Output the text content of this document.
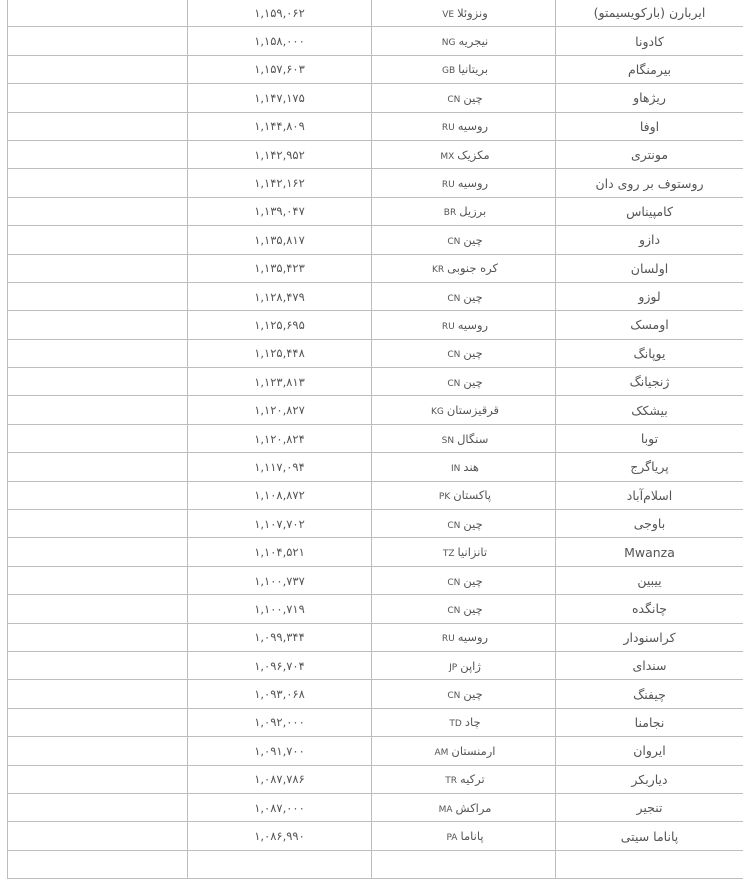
ایربارن (بارکویسیمتو)	ونزوئلاVE	۱,۱۵۹,۰۶۲	
کادونا	نیجریهNG	۱,۱۵۸,۰۰۰	
بیرمنگام	بریتانیاGB	۱,۱۵۷,۶۰۳	
ریژهاو	چینCN	۱,۱۴۷,۱۷۵	
اوفا	روسیهRU	۱,۱۴۴,۸۰۹	
مونتری	مکزیکMX	۱,۱۴۲,۹۵۲	
روستوف بر روی دان	روسیهRU	۱,۱۴۲,۱۶۲	
کامپیناس	برزیلBR	۱,۱۳۹,۰۴۷	
دازو	چینCN	۱,۱۳۵,۸۱۷	
اولسان	کره جنوبیKR	۱,۱۳۵,۴۲۳	
لوزو	چینCN	۱,۱۲۸,۴۷۹	
اومسک	روسیهRU	۱,۱۲۵,۶۹۵	
یوپانگ	چینCN	۱,۱۲۵,۴۴۸	
ژنجیانگ	چینCN	۱,۱۲۳,۸۱۳	
بیشکک	قرقیزستانKG	۱,۱۲۰,۸۲۷	
توبا	سنگالSN	۱,۱۲۰,۸۲۴	
پریاگرج	هندIN	۱,۱۱۷,۰۹۴	
اسلام‌آباد	پاکستانPK	۱,۱۰۸,۸۷۲	
باوجی	چینCN	۱,۱۰۷,۷۰۲	
Mwanza	تانزانیاTZ	۱,۱۰۴,۵۲۱	
ییبین	چینCN	۱,۱۰۰,۷۳۷	
چانگده	چینCN	۱,۱۰۰,۷۱۹	
کراسنودار	روسیهRU	۱,۰۹۹,۳۴۴	
سندای	ژاپنJP	۱,۰۹۶,۷۰۴	
چیفنگ	چینCN	۱,۰۹۳,۰۶۸	
نجامنا	چادTD	۱,۰۹۲,۰۰۰	
ایروان	ارمنستانAM	۱,۰۹۱,۷۰۰	
دیاربکر	ترکیهTR	۱,۰۸۷,۷۸۶	
تنجیر	مراکشMA	۱,۰۸۷,۰۰۰	
پاناما سیتی	پاناماPA	۱,۰۸۶,۹۹۰	
